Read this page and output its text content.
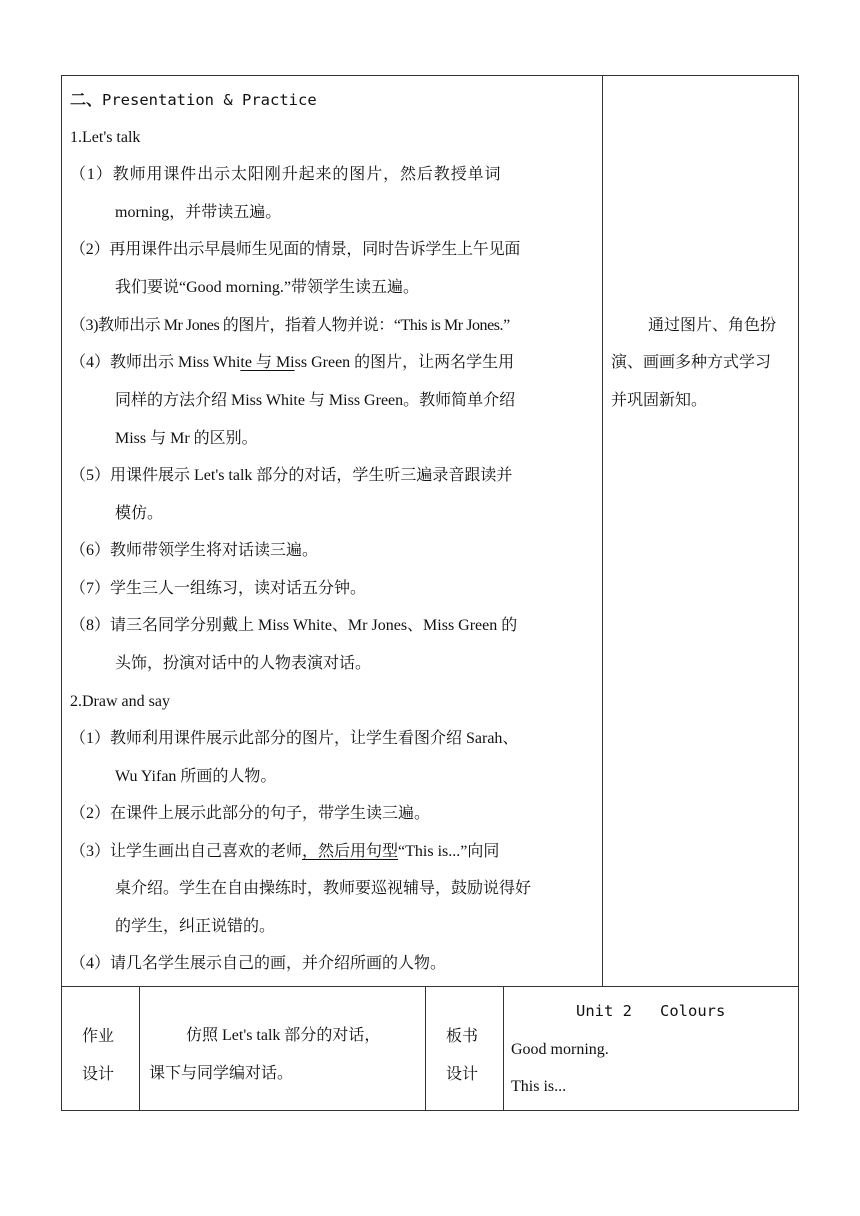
二、Presentation & Practice
1.Let's talk
（1）教师用课件出示太阳刚升起来的图片，然后教授单词
morning，并带读五遍。
（2）再用课件出示早晨师生见面的情景，同时告诉学生上午见面
我们要说“Good morning.”带领学生读五遍。
（3)教师出示 Mr Jones 的图片，指着人物并说：“This is Mr Jones.”
（4）教师出示 Miss White 与 Miss Green 的图片，让两名学生用
同样的方法介绍 Miss White 与 Miss Green。教师简单介绍
Miss 与 Mr 的区别。
（5）用课件展示 Let's talk 部分的对话，学生听三遍录音跟读并
模仿。
（6）教师带领学生将对话读三遍。
（7）学生三人一组练习，读对话五分钟。
（8）请三名同学分别戴上 Miss White、Mr Jones、Miss Green 的
头饰，扮演对话中的人物表演对话。
2.Draw and say
（1）教师利用课件展示此部分的图片，让学生看图介绍 Sarah、
Wu Yifan 所画的人物。
（2）在课件上展示此部分的句子，带学生读三遍。
（3）让学生画出自己喜欢的老师，然后用句型“This is...”向同
桌介绍。学生在自由操练时，教师要巡视辅导，鼓励说得好
的学生，纠正说错的。
（4）请几名学生展示自己的画，并介绍所画的人物。
通过图片、角色扮
演、画画多种方式学习
并巩固新知。
作业
设计
仿照 Let's talk 部分的对话，
课下与同学编对话。
板书
设计
Unit 2   Colours
Good morning.
This is...
